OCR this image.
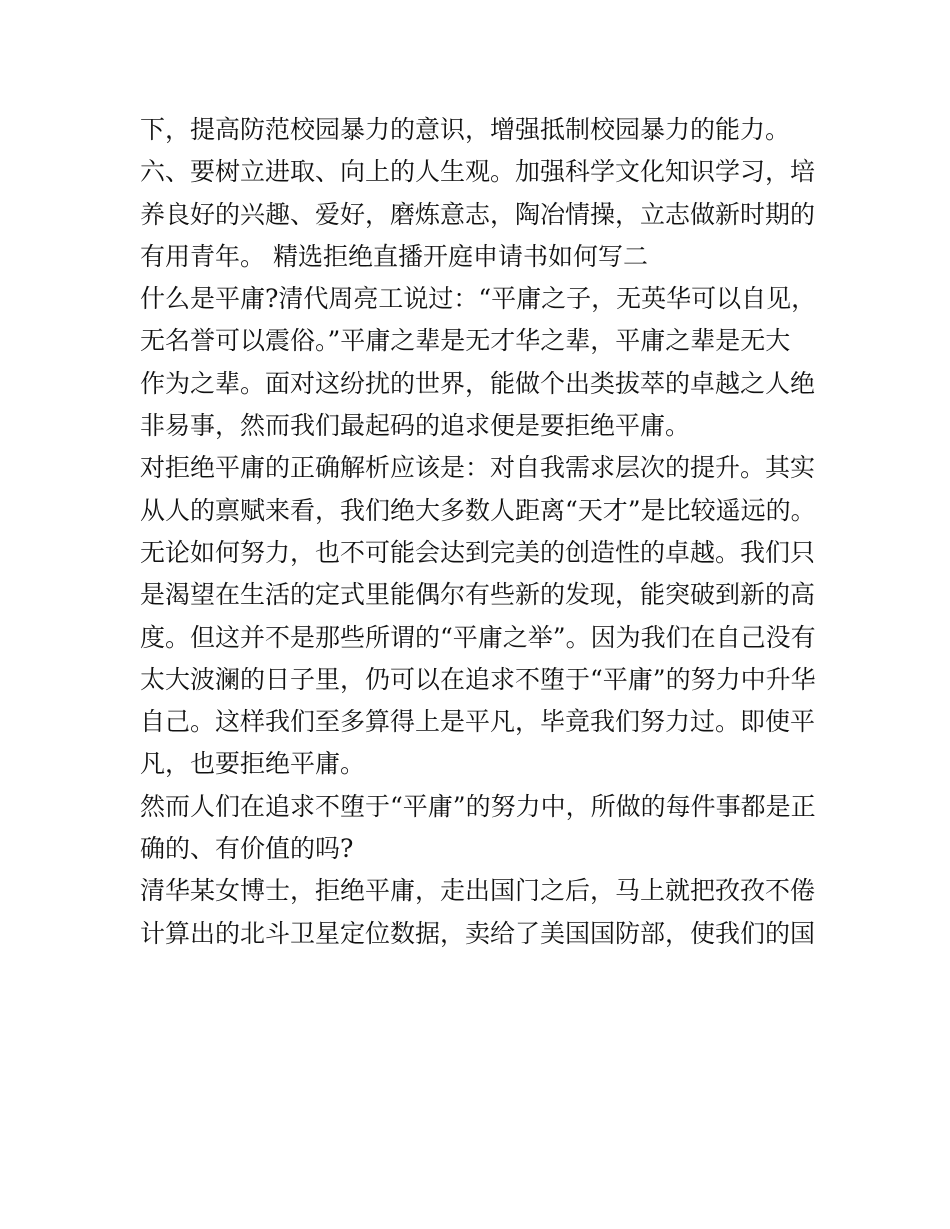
下，提高防范校园暴力的意识，增强抵制校园暴力的能力。
六、要树立进取、向上的人生观。加强科学文化知识学习，培
养良好的兴趣、爱好，磨炼意志，陶冶情操，立志做新时期的
有用青年。 精选拒绝直播开庭申请书如何写二
什么是平庸?清代周亮工说过：“平庸之子，无英华可以自见，
无名誉可以震俗。”平庸之辈是无才华之辈，平庸之辈是无大
作为之辈。面对这纷扰的世界，能做个出类拔萃的卓越之人绝
非易事，然而我们最起码的追求便是要拒绝平庸。
对拒绝平庸的正确解析应该是：对自我需求层次的提升。其实
从人的禀赋来看，我们绝大多数人距离“天才”是比较遥远的。
无论如何努力，也不可能会达到完美的创造性的卓越。我们只
是渴望在生活的定式里能偶尔有些新的发现，能突破到新的高
度。但这并不是那些所谓的“平庸之举”。因为我们在自己没有
太大波澜的日子里，仍可以在追求不堕于“平庸”的努力中升华
自己。这样我们至多算得上是平凡，毕竟我们努力过。即使平
凡，也要拒绝平庸。
然而人们在追求不堕于“平庸”的努力中，所做的每件事都是正
确的、有价值的吗?
清华某女博士，拒绝平庸，走出国门之后，马上就把孜孜不倦
计算出的北斗卫星定位数据，卖给了美国国防部，使我们的国
